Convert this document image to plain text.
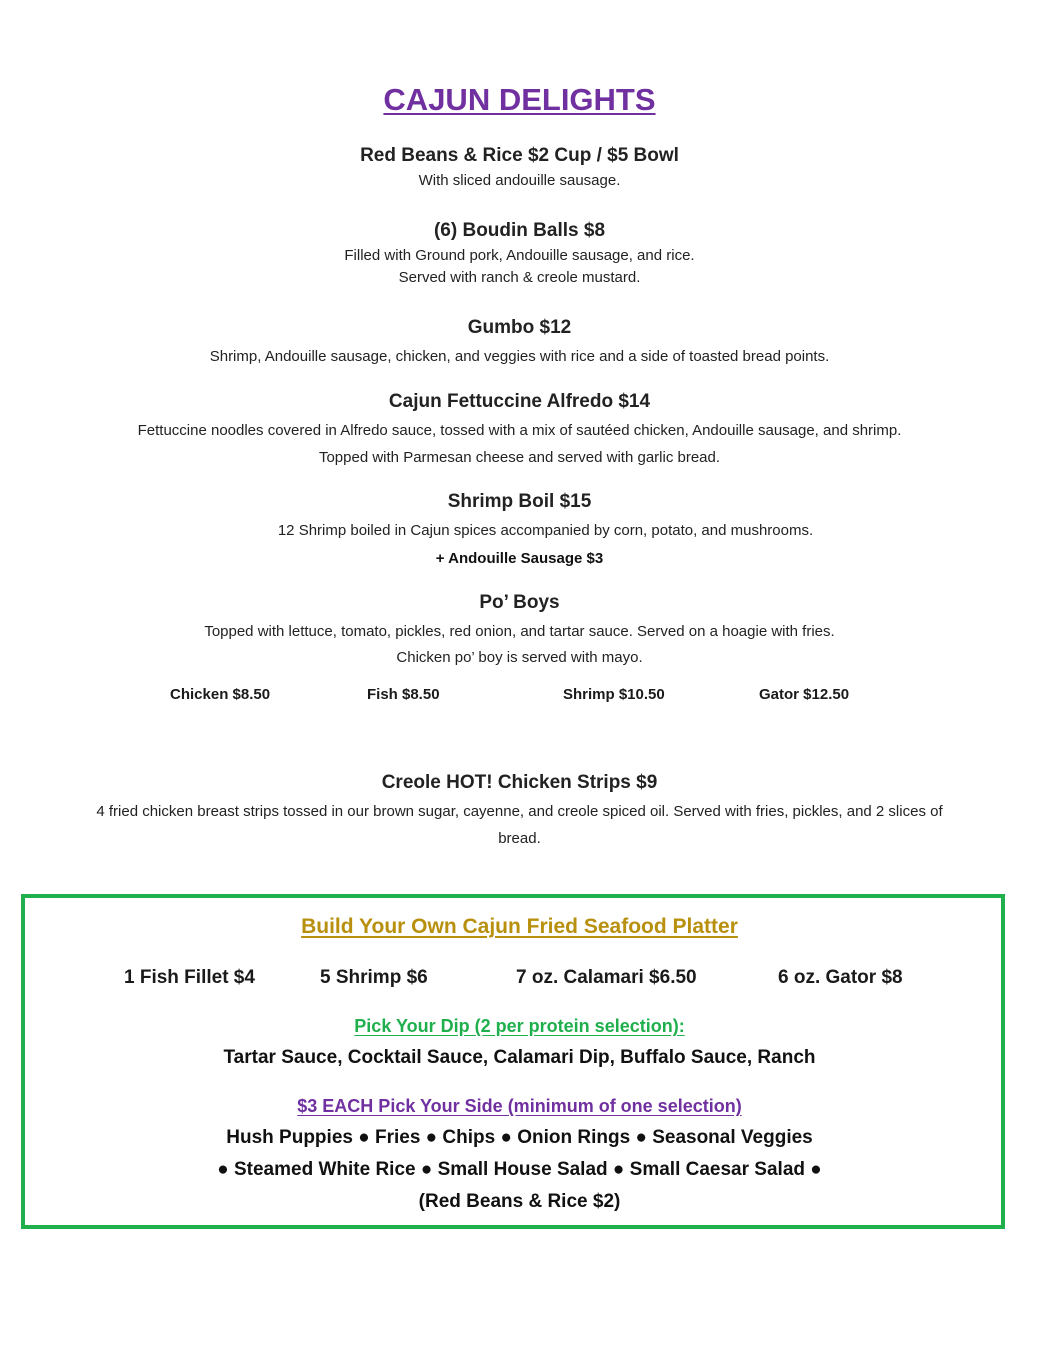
CAJUN DELIGHTS
Red Beans & Rice $2 Cup / $5 Bowl
With sliced andouille sausage.
(6) Boudin Balls $8
Filled with Ground pork, Andouille sausage, and rice.
Served with ranch & creole mustard.
Gumbo $12
Shrimp, Andouille sausage, chicken, and veggies with rice and a side of toasted bread points.
Cajun Fettuccine Alfredo $14
Fettuccine noodles covered in Alfredo sauce, tossed with a mix of sautéed chicken, Andouille sausage, and shrimp.
Topped with Parmesan cheese and served with garlic bread.
Shrimp Boil $15
12 Shrimp boiled in Cajun spices accompanied by corn, potato, and mushrooms.
+ Andouille Sausage $3
Po’ Boys
Topped with lettuce, tomato, pickles, red onion, and tartar sauce. Served on a hoagie with fries.
Chicken po’ boy is served with mayo.
Chicken $8.50	Fish $8.50	Shrimp $10.50	Gator $12.50
Creole HOT! Chicken Strips $9
4 fried chicken breast strips tossed in our brown sugar, cayenne, and creole spiced oil. Served with fries, pickles, and 2 slices of
bread.
Build Your Own Cajun Fried Seafood Platter
1 Fish Fillet $4	5 Shrimp $6	7 oz. Calamari $6.50	6 oz. Gator $8
Pick Your Dip (2 per protein selection):
Tartar Sauce, Cocktail Sauce, Calamari Dip, Buffalo Sauce, Ranch
$3 EACH Pick Your Side (minimum of one selection)
Hush Puppies ● Fries ● Chips ● Onion Rings ● Seasonal Veggies
● Steamed White Rice ● Small House Salad ● Small Caesar Salad ●
(Red Beans & Rice $2)
